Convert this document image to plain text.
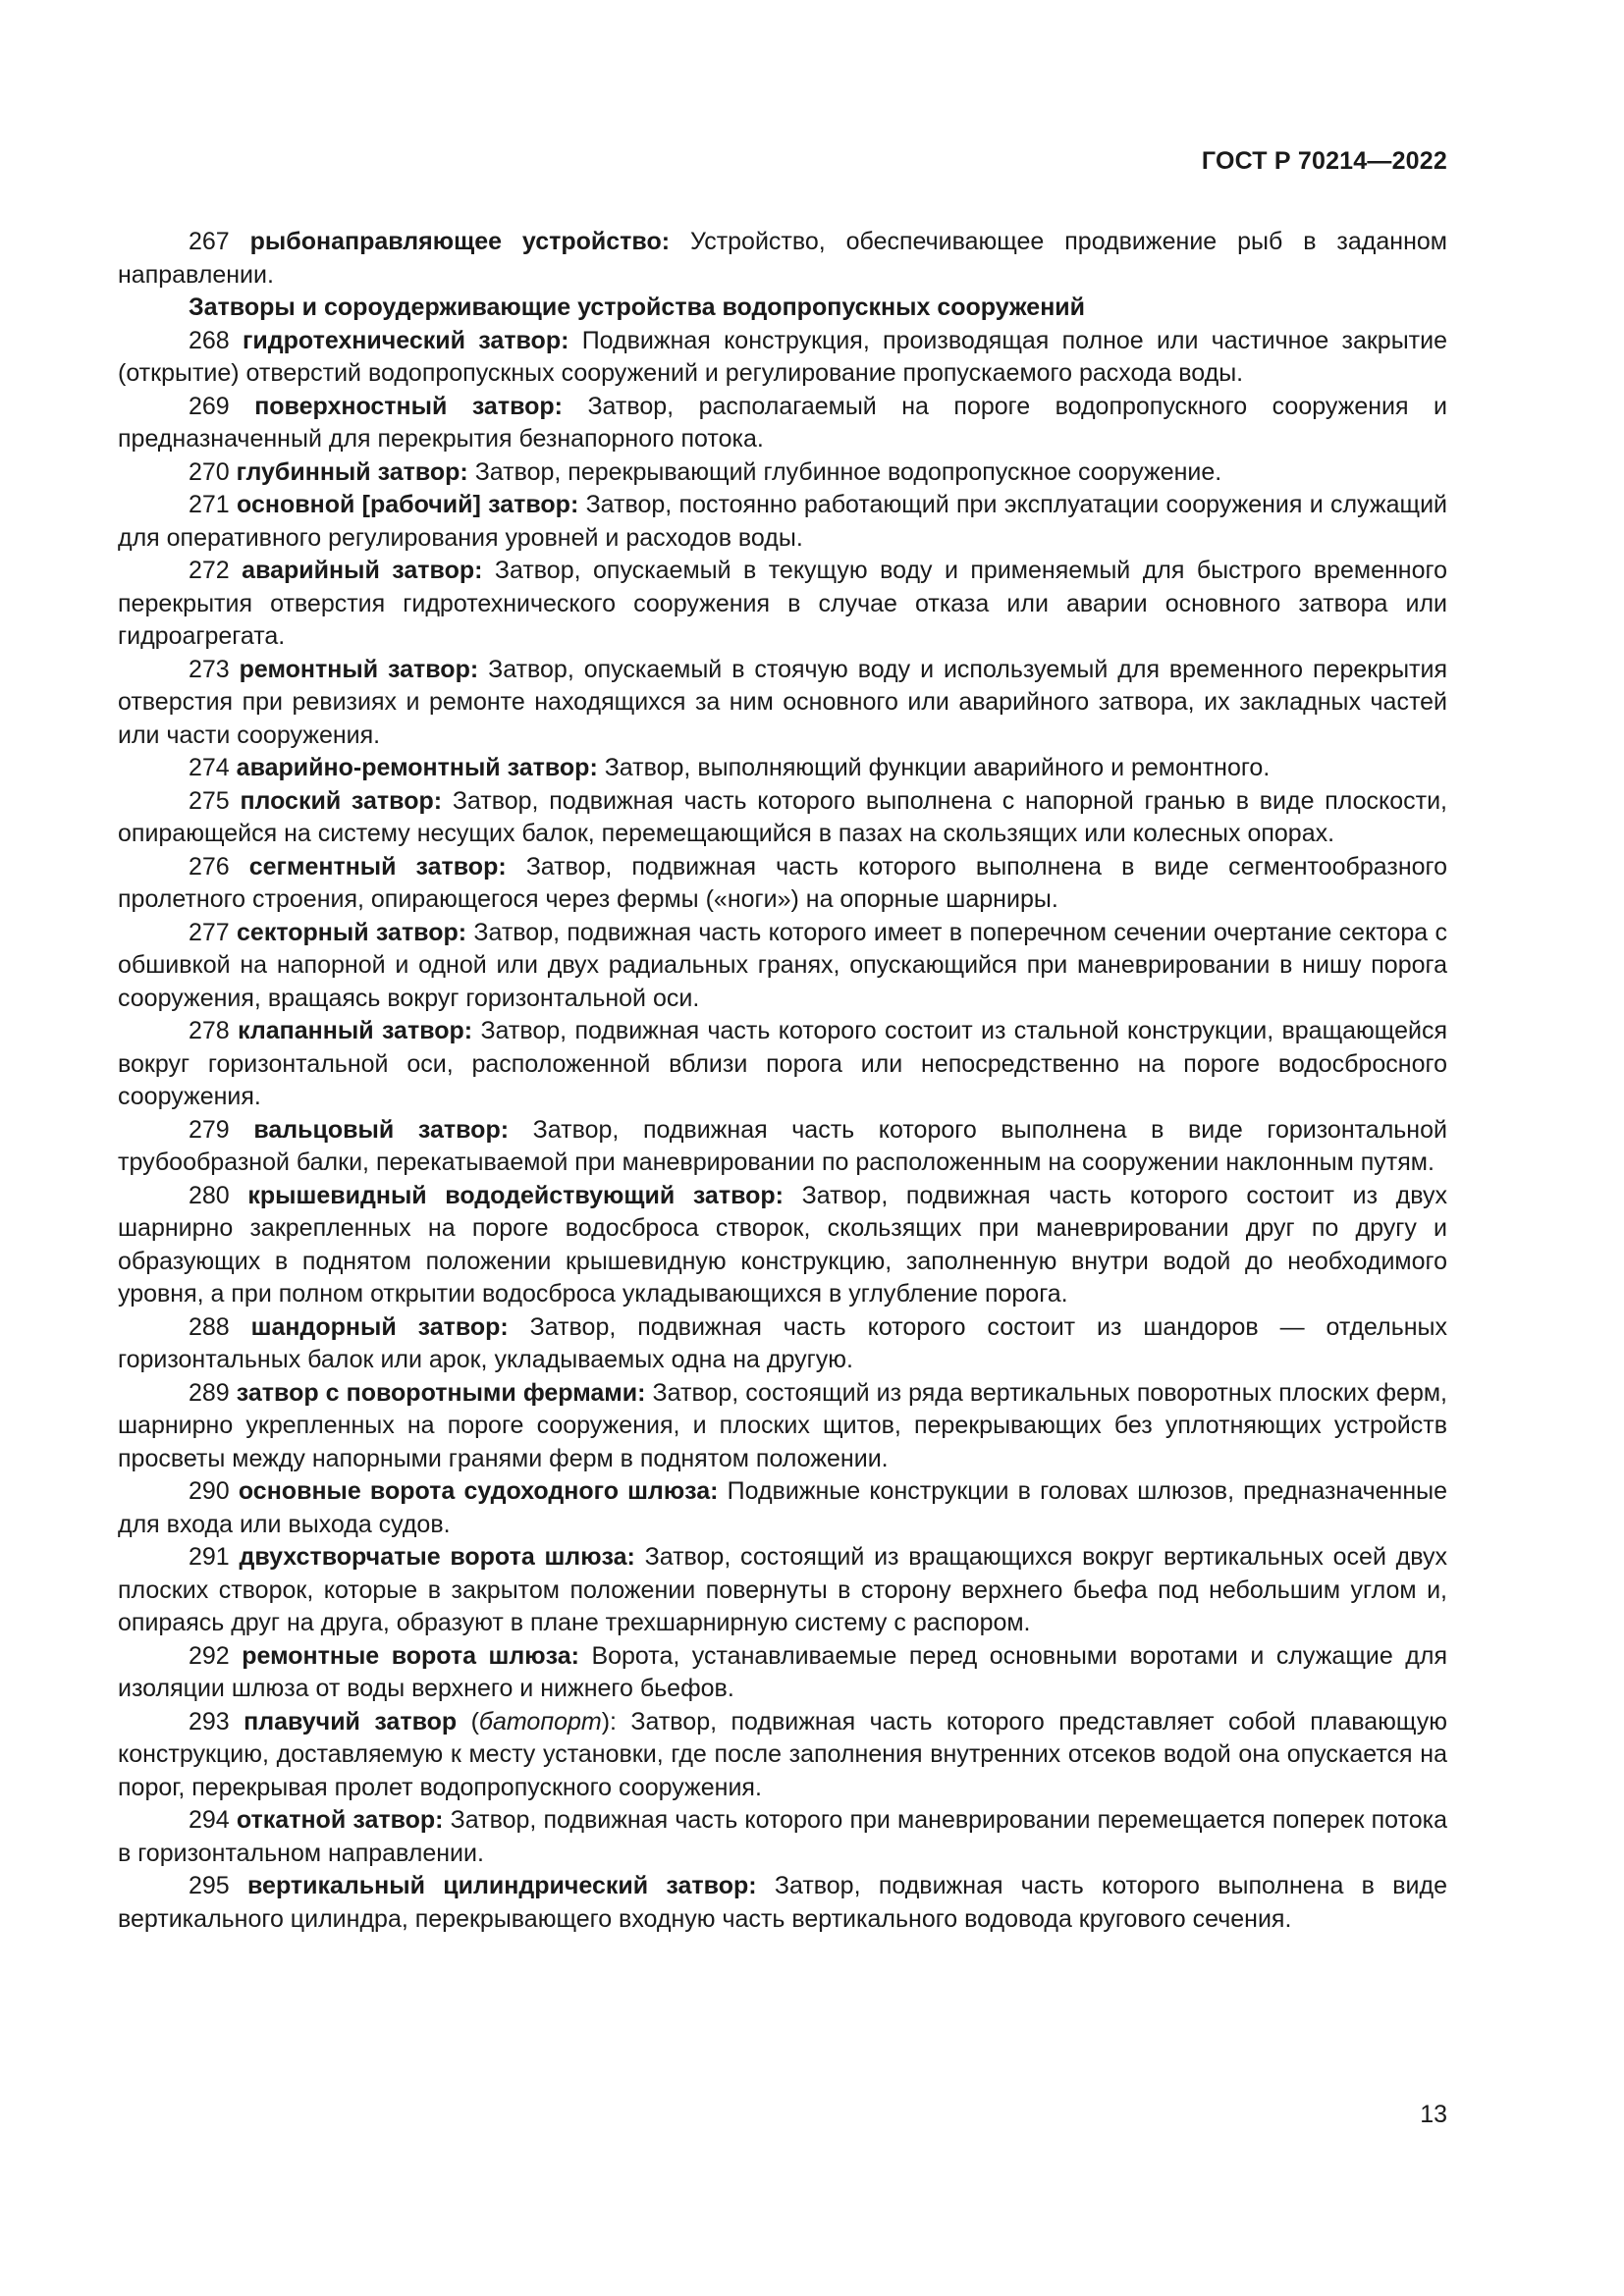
ГОСТ Р 70214—2022

267 рыбонаправляющее устройство: Устройство, обеспечивающее продвижение рыб в заданном направлении.

Затворы и сороудерживающие устройства водопропускных сооружений

268 гидротехнический затвор: Подвижная конструкция, производящая полное или частичное закрытие (открытие) отверстий водопропускных сооружений и регулирование пропускаемого расхода воды.

269 поверхностный затвор: Затвор, располагаемый на пороге водопропускного сооружения и предназначенный для перекрытия безнапорного потока.

270 глубинный затвор: Затвор, перекрывающий глубинное водопропускное сооружение.

271 основной [рабочий] затвор: Затвор, постоянно работающий при эксплуатации сооружения и служащий для оперативного регулирования уровней и расходов воды.

272 аварийный затвор: Затвор, опускаемый в текущую воду и применяемый для быстрого временного перекрытия отверстия гидротехнического сооружения в случае отказа или аварии основного затвора или гидроагрегата.

273 ремонтный затвор: Затвор, опускаемый в стоячую воду и используемый для временного перекрытия отверстия при ревизиях и ремонте находящихся за ним основного или аварийного затвора, их закладных частей или части сооружения.

274 аварийно-ремонтный затвор: Затвор, выполняющий функции аварийного и ремонтного.

275 плоский затвор: Затвор, подвижная часть которого выполнена с напорной гранью в виде плоскости, опирающейся на систему несущих балок, перемещающийся в пазах на скользящих или колесных опорах.

276 сегментный затвор: Затвор, подвижная часть которого выполнена в виде сегментообразного пролетного строения, опирающегося через фермы («ноги») на опорные шарниры.

277 секторный затвор: Затвор, подвижная часть которого имеет в поперечном сечении очертание сектора с обшивкой на напорной и одной или двух радиальных гранях, опускающийся при маневрировании в нишу порога сооружения, вращаясь вокруг горизонтальной оси.

278 клапанный затвор: Затвор, подвижная часть которого состоит из стальной конструкции, вращающейся вокруг горизонтальной оси, расположенной вблизи порога или непосредственно на пороге водосбросного сооружения.

279 вальцовый затвор: Затвор, подвижная часть которого выполнена в виде горизонтальной трубообразной балки, перекатываемой при маневрировании по расположенным на сооружении наклонным путям.

280 крышевидный вододействующий затвор: Затвор, подвижная часть которого состоит из двух шарнирно закрепленных на пороге водосброса створок, скользящих при маневрировании друг по другу и образующих в поднятом положении крышевидную конструкцию, заполненную внутри водой до необходимого уровня, а при полном открытии водосброса укладывающихся в углубление порога.

288 шандорный затвор: Затвор, подвижная часть которого состоит из шандоров — отдельных горизонтальных балок или арок, укладываемых одна на другую.

289 затвор с поворотными фермами: Затвор, состоящий из ряда вертикальных поворотных плоских ферм, шарнирно укрепленных на пороге сооружения, и плоских щитов, перекрывающих без уплотняющих устройств просветы между напорными гранями ферм в поднятом положении.

290 основные ворота судоходного шлюза: Подвижные конструкции в головах шлюзов, предназначенные для входа или выхода судов.

291 двухстворчатые ворота шлюза: Затвор, состоящий из вращающихся вокруг вертикальных осей двух плоских створок, которые в закрытом положении повернуты в сторону верхнего бьефа под небольшим углом и, опираясь друг на друга, образуют в плане трехшарнирную систему с распором.

292 ремонтные ворота шлюза: Ворота, устанавливаемые перед основными воротами и служащие для изоляции шлюза от воды верхнего и нижнего бьефов.

293 плавучий затвор (батопорт): Затвор, подвижная часть которого представляет собой плавающую конструкцию, доставляемую к месту установки, где после заполнения внутренних отсеков водой она опускается на порог, перекрывая пролет водопропускного сооружения.

294 откатной затвор: Затвор, подвижная часть которого при маневрировании перемещается поперек потока в горизонтальном направлении.

295 вертикальный цилиндрический затвор: Затвор, подвижная часть которого выполнена в виде вертикального цилиндра, перекрывающего входную часть вертикального водовода кругового сечения.

13
